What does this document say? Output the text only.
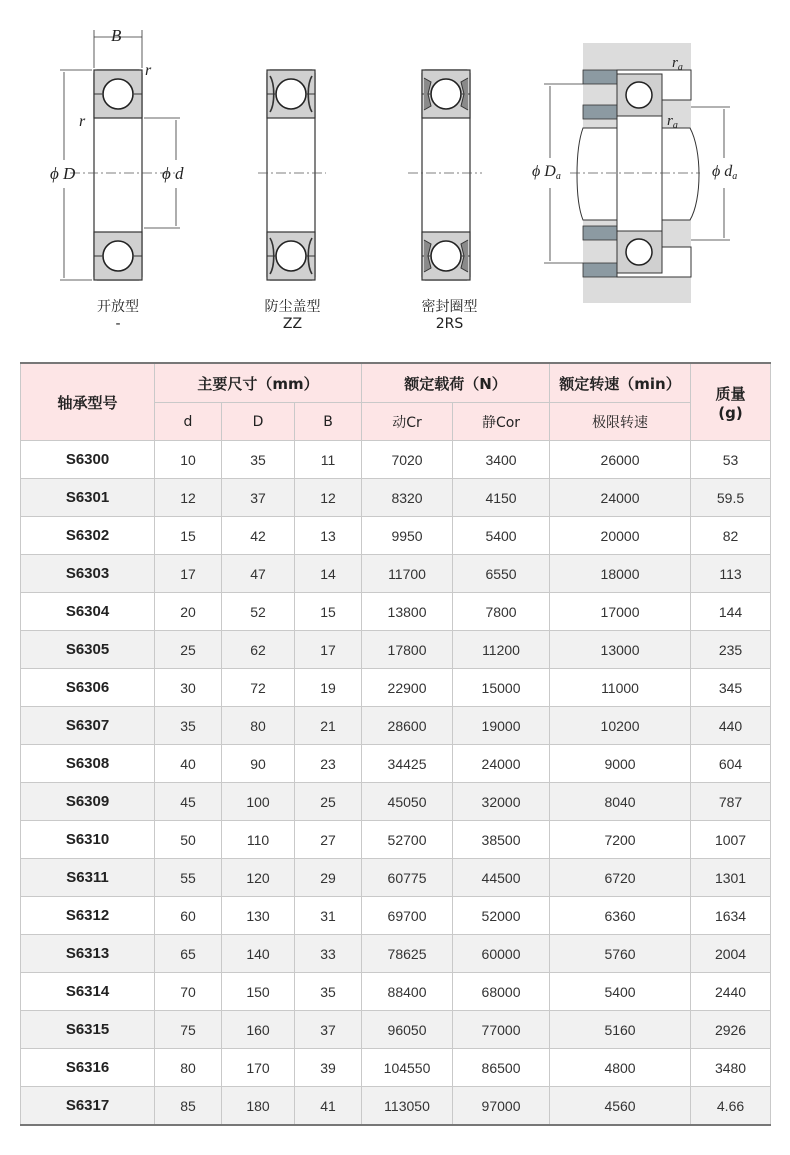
B
r
r
ϕ D	ϕ d
$r_a$
$r_a$
ϕ Da	ϕ da
开放型
-
防尘盖型
ZZ
密封圈型
2RS
轴承型号	主要尺寸（mm）			额定载荷（N）		额定转速（min）	质量
(g)
	d	D	B	动Cr	静Cor	极限转速	
S6300	10	35	11	7020	3400	26000	53
S6301	12	37	12	8320	4150	24000	59.5
S6302	15	42	13	9950	5400	20000	82
S6303	17	47	14	11700	6550	18000	113
S6304	20	52	15	13800	7800	17000	144
S6305	25	62	17	17800	11200	13000	235
S6306	30	72	19	22900	15000	11000	345
S6307	35	80	21	28600	19000	10200	440
S6308	40	90	23	34425	24000	9000	604
S6309	45	100	25	45050	32000	8040	787
S6310	50	110	27	52700	38500	7200	1007
S6311	55	120	29	60775	44500	6720	1301
S6312	60	130	31	69700	52000	6360	1634
S6313	65	140	33	78625	60000	5760	2004
S6314	70	150	35	88400	68000	5400	2440
S6315	75	160	37	96050	77000	5160	2926
S6316	80	170	39	104550	86500	4800	3480
S6317	85	180	41	113050	97000	4560	4.66
